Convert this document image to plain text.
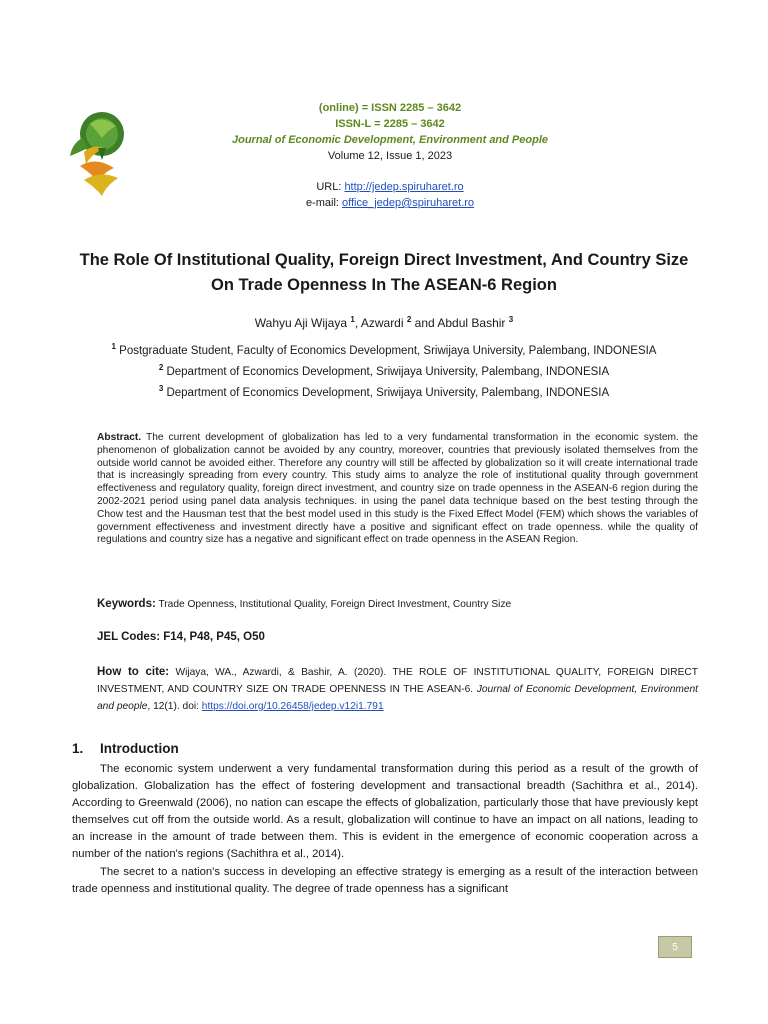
(online) = ISSN 2285 – 3642
ISSN-L = 2285 – 3642
Journal of Economic Development, Environment and People
Volume 12, Issue 1, 2023
URL: http://jedep.spiruharet.ro
e-mail: office_jedep@spiruharet.ro
The Role Of Institutional Quality, Foreign Direct Investment, And Country Size On Trade Openness In The ASEAN-6 Region
Wahyu Aji Wijaya $^1$, Azwardi $^2$ and Abdul Bashir $^3$
$^1$ Postgraduate Student, Faculty of Economics Development, Sriwijaya University, Palembang, INDONESIA
$^2$ Department of Economics Development, Sriwijaya University, Palembang, INDONESIA
$^3$ Department of Economics Development, Sriwijaya University, Palembang, INDONESIA
Abstract. The current development of globalization has led to a very fundamental transformation in the economic system. the phenomenon of globalization cannot be avoided by any country, moreover, countries that previously isolated themselves from the outside world cannot be avoided either. Therefore any country will still be affected by globalization so it will create international trade that is increasingly spreading from every country. This study aims to analyze the role of institutional quality through government effectiveness and regulatory quality, foreign direct investment, and country size on trade openness in the ASEAN-6 region during the 2002-2021 period using panel data analysis techniques. in using the panel data technique based on the best testing through the Chow test and the Hausman test that the best model used in this study is the Fixed Effect Model (FEM) which shows the variables of government effectiveness and investment directly have a positive and significant effect on trade openness. while the quality of regulations and country size has a negative and significant effect on trade openness in the ASEAN Region.
Keywords: Trade Openness, Institutional Quality, Foreign Direct Investment, Country Size
JEL Codes: F14, P48, P45, O50
How to cite: Wijaya, WA., Azwardi, & Bashir, A. (2020). THE ROLE OF INSTITUTIONAL QUALITY, FOREIGN DIRECT INVESTMENT, AND COUNTRY SIZE ON TRADE OPENNESS IN THE ASEAN-6. Journal of Economic Development, Environment and people, 12(1). doi: https://doi.org/10.26458/jedep.v12i1.791
1. Introduction

The economic system underwent a very fundamental transformation during this period as a result of the growth of globalization. Globalization has the effect of fostering development and transactional breadth (Sachithra et al., 2014). According to Greenwald (2006), no nation can escape the effects of globalization, particularly those that have previously kept themselves cut off from the outside world. As a result, globalization will continue to have an impact on all nations, leading to an increase in the amount of trade between them. This is evident in the emergence of economic cooperation across a number of the nation's regions (Sachithra et al., 2014).

The secret to a nation's success in developing an effective strategy is emerging as a result of the interaction between trade openness and institutional quality. The degree of trade openness has a significant

5
